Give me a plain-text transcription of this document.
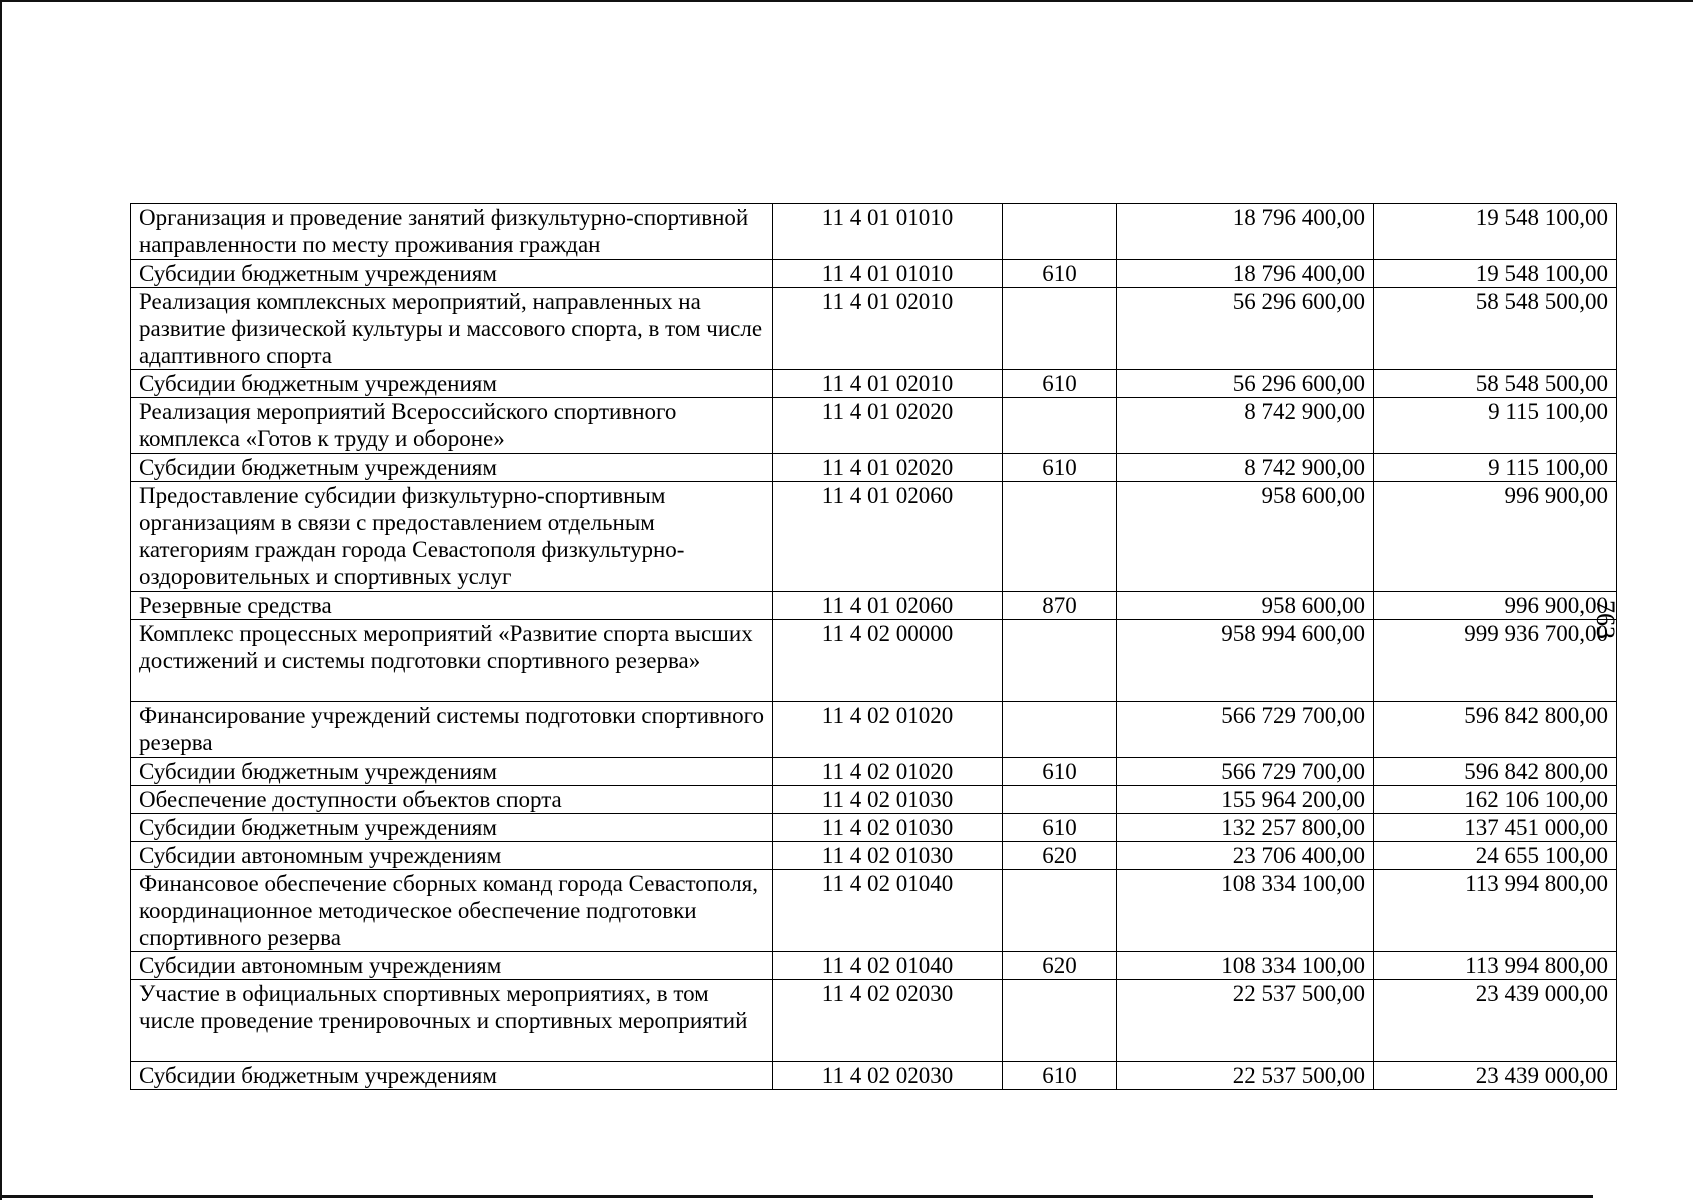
Организация и проведение занятий физкультурно-спортивной направленности по месту проживания граждан	11 4 01 01010		18 796 400,00	19 548 100,00
Субсидии бюджетным учреждениям	11 4 01 01010	610	18 796 400,00	19 548 100,00
Реализация комплексных мероприятий, направленных на развитие физической культуры и массового спорта, в том числе адаптивного спорта	11 4 01 02010		56 296 600,00	58 548 500,00
Субсидии бюджетным учреждениям	11 4 01 02010	610	56 296 600,00	58 548 500,00
Реализация мероприятий Всероссийского спортивного комплекса «Готов к труду и обороне»	11 4 01 02020		8 742 900,00	9 115 100,00
Субсидии бюджетным учреждениям	11 4 01 02020	610	8 742 900,00	9 115 100,00
Предоставление субсидии физкультурно-спортивным организациям в связи с предоставлением отдельным категориям граждан города Севастополя физкультурно-оздоровительных и спортивных услуг	11 4 01 02060		958 600,00	996 900,00
Резервные средства	11 4 01 02060	870	958 600,00	996 900,00
Комплекс процессных мероприятий «Развитие спорта высших достижений и системы подготовки спортивного резерва»	11 4 02 00000		958 994 600,00	999 936 700,00
Финансирование учреждений системы подготовки спортивного резерва	11 4 02 01020		566 729 700,00	596 842 800,00
Субсидии бюджетным учреждениям	11 4 02 01020	610	566 729 700,00	596 842 800,00
Обеспечение доступности объектов спорта	11 4 02 01030		155 964 200,00	162 106 100,00
Субсидии бюджетным учреждениям	11 4 02 01030	610	132 257 800,00	137 451 000,00
Субсидии автономным учреждениям	11 4 02 01030	620	23 706 400,00	24 655 100,00
Финансовое обеспечение сборных команд города Севастополя, координационное методическое обеспечение подготовки спортивного резерва	11 4 02 01040		108 334 100,00	113 994 800,00
Субсидии автономным учреждениям	11 4 02 01040	620	108 334 100,00	113 994 800,00
Участие в официальных спортивных мероприятиях, в том числе проведение тренировочных и спортивных мероприятий	11 4 02 02030		22 537 500,00	23 439 000,00
Субсидии бюджетным учреждениям	11 4 02 02030	610	22 537 500,00	23 439 000,00
763
